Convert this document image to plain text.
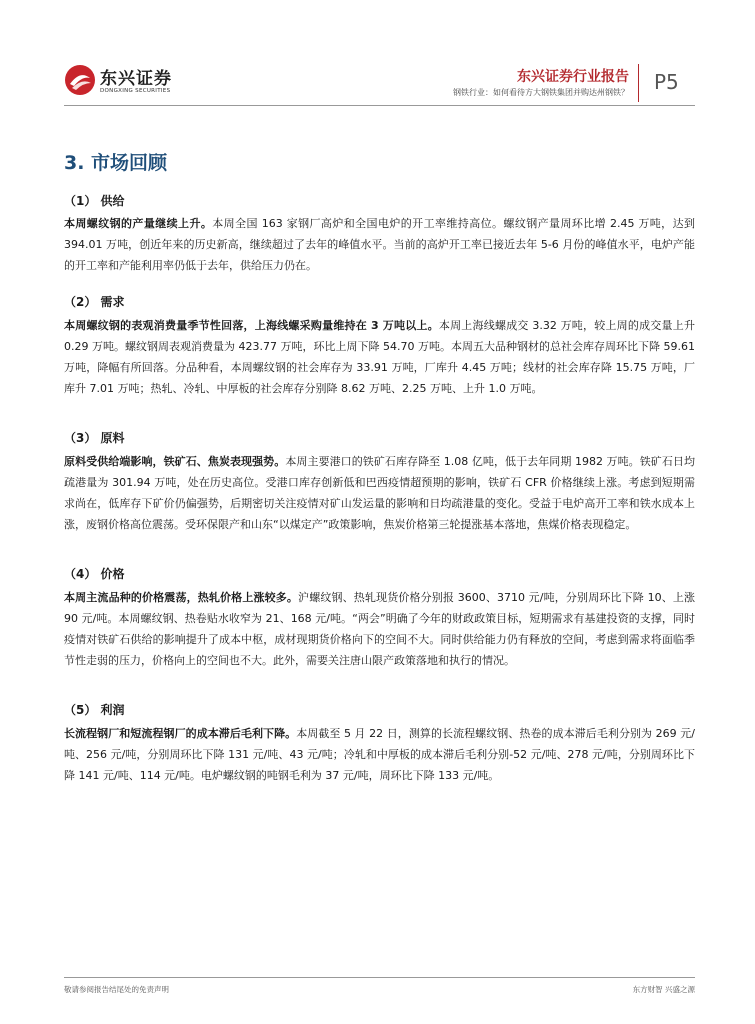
东兴证券
DONGXING SECURITIES
东兴证券行业报告
钢铁行业：如何看待方大钢铁集团并购达州钢铁？ P5
3. 市场回顾
（1） 供给

本周螺纹钢的产量继续上升。本周全国 163 家钢厂高炉和全国电炉的开工率维持高位。螺纹钢产量周环比增 2.45 万吨，达到 394.01 万吨，创近年来的历史新高，继续超过了去年的峰值水平。当前的高炉开工率已接近去年 5-6 月份的峰值水平，电炉产能的开工率和产能利用率仍低于去年，供给压力仍在。

（2） 需求

本周螺纹钢的表观消费量季节性回落，上海线螺采购量维持在 3 万吨以上。本周上海线螺成交 3.32 万吨，较上周的成交量上升 0.29 万吨。螺纹钢周表观消费量为 423.77 万吨，环比上周下降 54.70 万吨。本周五大品种钢材的总社会库存周环比下降 59.61 万吨，降幅有所回落。分品种看，本周螺纹钢的社会库存为 33.91 万吨，厂库升 4.45 万吨；线材的社会库存降 15.75 万吨，厂库升 7.01 万吨；热轧、冷轧、中厚板的社会库存分别降 8.62 万吨、2.25 万吨、上升 1.0 万吨。

（3） 原料

原料受供给端影响，铁矿石、焦炭表现强势。本周主要港口的铁矿石库存降至 1.08 亿吨，低于去年同期 1982 万吨。铁矿石日均疏港量为 301.94 万吨，处在历史高位。受港口库存创新低和巴西疫情超预期的影响，铁矿石 CFR 价格继续上涨。考虑到短期需求尚在，低库存下矿价仍偏强势，后期密切关注疫情对矿山发运量的影响和日均疏港量的变化。受益于电炉高开工率和铁水成本上涨，废钢价格高位震荡。受环保限产和山东“以煤定产”政策影响，焦炭价格第三轮提涨基本落地，焦煤价格表现稳定。

（4） 价格

本周主流品种的价格震荡，热轧价格上涨较多。沪螺纹钢、热轧现货价格分别报 3600、3710 元/吨，分别周环比下降 10、上涨 90 元/吨。本周螺纹钢、热卷贴水收窄为 21、168 元/吨。“两会”明确了今年的财政政策目标，短期需求有基建投资的支撑，同时疫情对铁矿石供给的影响提升了成本中枢，成材现期货价格向下的空间不大。同时供给能力仍有释放的空间，考虑到需求将面临季节性走弱的压力，价格向上的空间也不大。此外，需要关注唐山限产政策落地和执行的情况。

（5） 利润

长流程钢厂和短流程钢厂的成本滞后毛利下降。本周截至 5 月 22 日，测算的长流程螺纹钢、热卷的成本滞后毛利分别为 269 元/吨、256 元/吨，分别周环比下降 131 元/吨、43 元/吨；冷轧和中厚板的成本滞后毛利分别-52 元/吨、278 元/吨，分别周环比下降 141 元/吨、114 元/吨。电炉螺纹钢的吨钢毛利为 37 元/吨，周环比下降 133 元/吨。

敬请参阅报告结尾处的免责声明	东方财智 兴盛之源
